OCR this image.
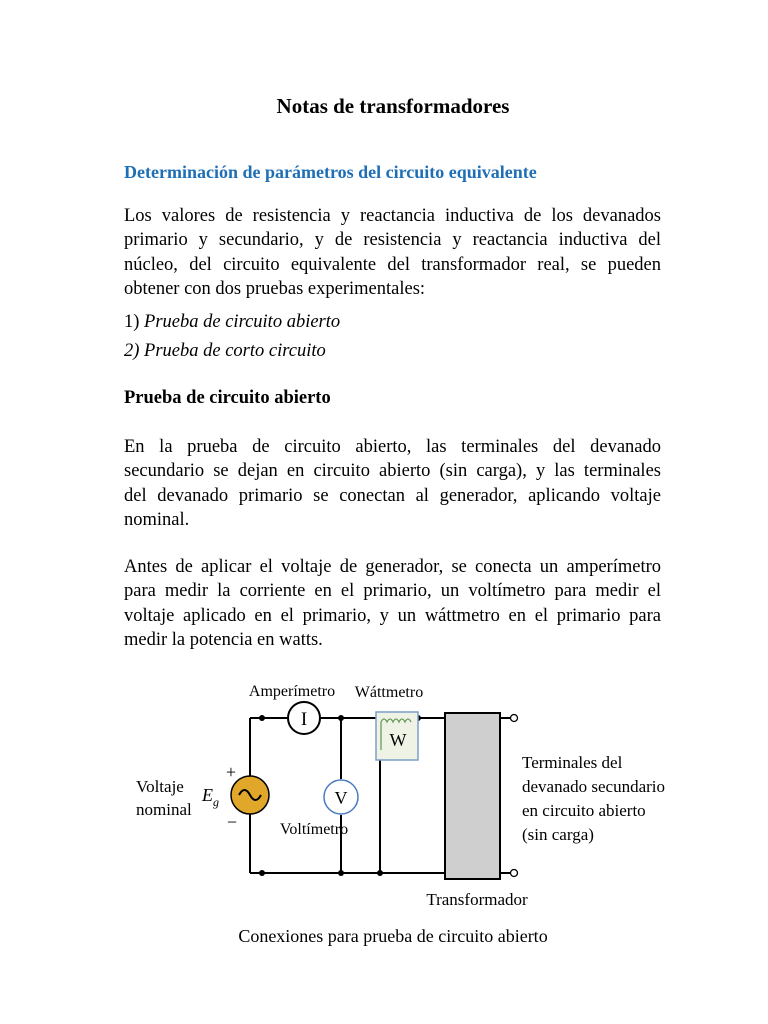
Notas de transformadores
Determinación de parámetros del circuito equivalente
Los valores de resistencia y reactancia inductiva de los devanados
primario y secundario, y de resistencia y reactancia inductiva del
núcleo, del circuito equivalente del transformador real, se pueden
obtener con dos pruebas experimentales:
1) Prueba de circuito abierto
2) Prueba de corto circuito
Prueba de circuito abierto
En la prueba de circuito abierto, las terminales del devanado
secundario se dejan en circuito abierto (sin carga), y las terminales
del devanado primario se conectan al generador, aplicando voltaje
nominal.
Antes de aplicar el voltaje de generador, se conecta un amperímetro
para medir la corriente en el primario, un voltímetro para medir el
voltaje aplicado en el primario, y un wáttmetro en el primario para
medir la potencia en watts.
I
Amperímetro Wáttmetro
W
V
Voltímetro
+
−
E g
Voltaje
nominal
Transformador
Terminales del
devanado secundario
en circuito abierto
(sin carga)
Conexiones para prueba de circuito abierto
